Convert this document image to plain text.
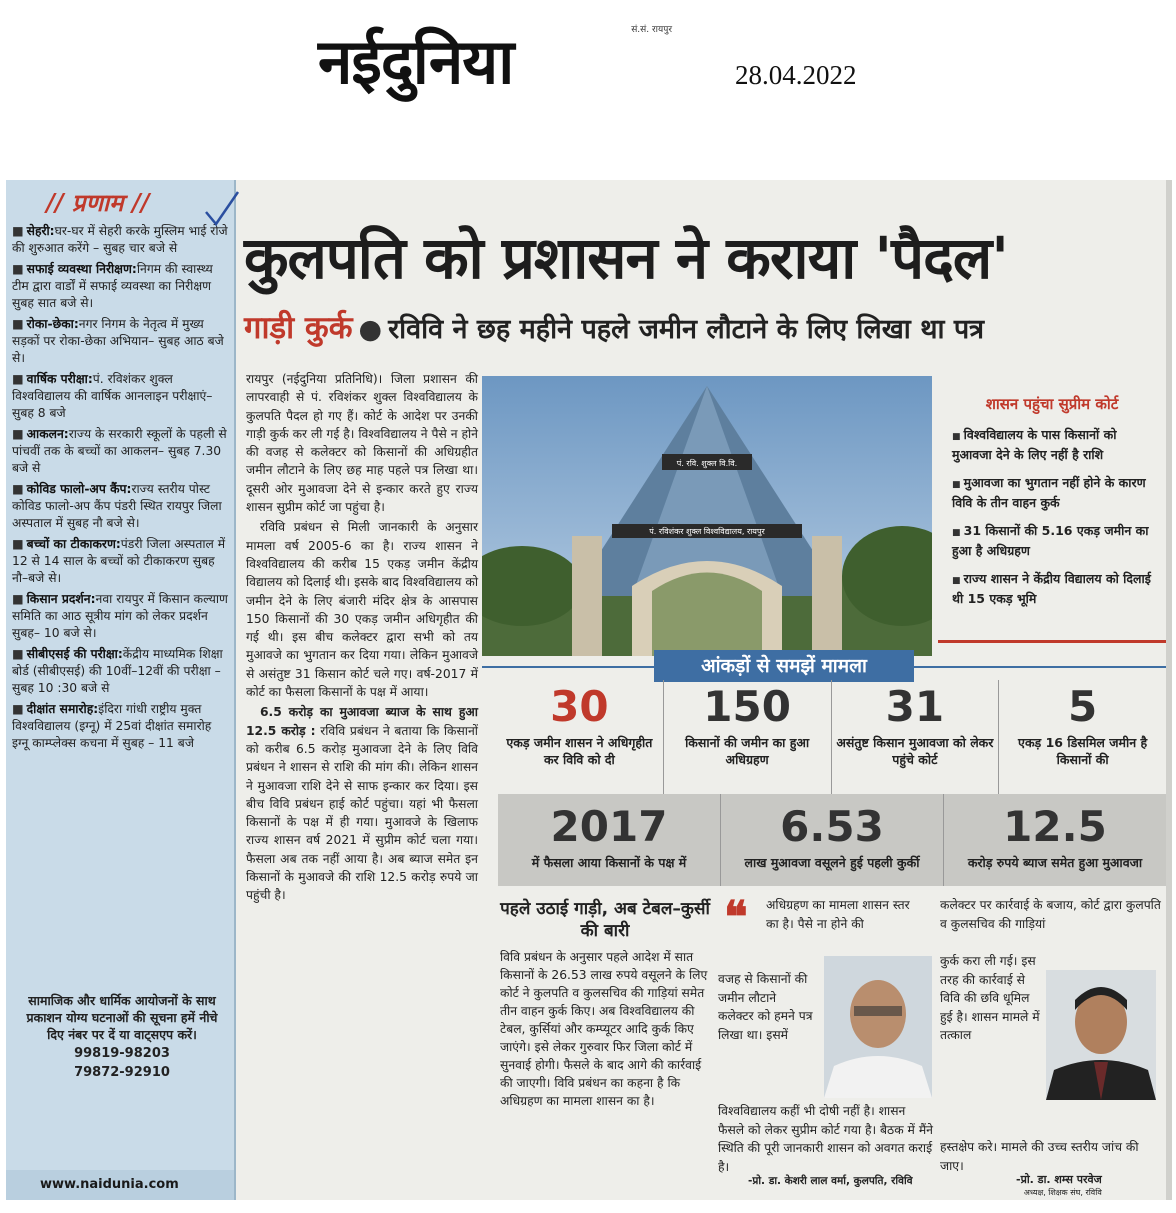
नईदुनिया	सं.सं. रायपुर
28.04.2022
// प्रणाम //
■ सेहरी:घर-घर में सेहरी करके मुस्लिम भाई रोजे की शुरुआत करेंगे – सुबह चार बजे से
■ सफाई व्यवस्था निरीक्षण:निगम की स्वास्थ्य टीम द्वारा वार्डों में सफाई व्यवस्था का निरीक्षण सुबह सात बजे से।
■ रोका-छेका:नगर निगम के नेतृत्व में मुख्य सड़कों पर रोका-छेका अभियान– सुबह आठ बजे से।
■ वार्षिक परीक्षा:पं. रविशंकर शुक्ल विश्वविद्यालय की वार्षिक आनलाइन परीक्षाएं– सुबह 8 बजे
■ आकलन:राज्य के सरकारी स्कूलों के पहली से पांचवीं तक के बच्चों का आकलन– सुबह 7.30 बजे से
■ कोविड फालो-अप कैंप:राज्य स्तरीय पोस्ट कोविड फालो-अप कैंप पंडरी स्थित रायपुर जिला अस्पताल में सुबह नौ बजे से।
■ बच्चों का टीकाकरण:पंडरी जिला अस्पताल में 12 से 14 साल के बच्चों को टीकाकरण सुबह नौ–बजे से।
■ किसान प्रदर्शन:नवा रायपुर में किसान कल्याण समिति का आठ सूत्रीय मांग को लेकर प्रदर्शन सुबह– 10 बजे से।
■ सीबीएसई की परीक्षा:केंद्रीय माध्यमिक शिक्षा बोर्ड (सीबीएसई) की 10वीं–12वीं की परीक्षा – सुबह 10 :30 बजे से
■ दीक्षांत समारोह:इंदिरा गांधी राष्ट्रीय मुक्त विश्वविद्यालय (इग्नू) में 25वां दीक्षांत समारोह इग्नू काम्प्लेक्स कचना में सुबह – 11 बजे
सामाजिक और धार्मिक आयोजनों के साथ प्रकाशन योग्य घटनाओं की सूचना हमें नीचे दिए नंबर पर दें या वाट्सएप करें।
99819-98203
79872-92910
www.naidunia.com
कुलपति को प्रशासन ने कराया 'पैदल'
गाड़ी कुर्क ● रविवि ने छह महीने पहले जमीन लौटाने के लिए लिखा था पत्र

रायपुर (नईदुनिया प्रतिनिधि)। जिला प्रशासन की लापरवाही से पं. रविशंकर शुक्ल विश्वविद्यालय के कुलपति पैदल हो गए हैं। कोर्ट के आदेश पर उनकी गाड़ी कुर्क कर ली गई है। विश्वविद्यालय ने पैसे न होने की वजह से कलेक्टर को किसानों की अधिग्रहीत जमीन लौटाने के लिए छह माह पहले पत्र लिखा था। दूसरी ओर मुआवजा देने से इन्कार करते हुए राज्य शासन सुप्रीम कोर्ट जा पहुंचा है।

रविवि प्रबंधन से मिली जानकारी के अनुसार मामला वर्ष 2005-6 का है। राज्य शासन ने विश्वविद्यालय की करीब 15 एकड़ जमीन केंद्रीय विद्यालय को दिलाई थी। इसके बाद विश्वविद्यालय को जमीन देने के लिए बंजारी मंदिर क्षेत्र के आसपास 150 किसानों की 30 एकड़ जमीन अधिगृहीत की गई थी। इस बीच कलेक्टर द्वारा सभी को तय मुआवजे का भुगतान कर दिया गया। लेकिन मुआवजे से असंतुष्ट 31 किसान कोर्ट चले गए। वर्ष-2017 में कोर्ट का फैसला किसानों के पक्ष में आया।

6.5 करोड़ का मुआवजा ब्याज के साथ हुआ 12.5 करोड़ : रविवि प्रबंधन ने बताया कि किसानों को करीब 6.5 करोड़ मुआवजा देने के लिए विवि प्रबंधन ने शासन से राशि की मांग की। लेकिन शासन ने मुआवजा राशि देने से साफ इन्कार कर दिया। इस बीच विवि प्रबंधन हाई कोर्ट पहुंचा। यहां भी फैसला किसानों के पक्ष में ही गया। मुआवजे के खिलाफ राज्य शासन वर्ष 2021 में सुप्रीम कोर्ट चला गया। फैसला अब तक नहीं आया है। अब ब्याज समेत इन किसानों के मुआवजे की राशि 12.5 करोड़ रुपये जा पहुंची है।

पं. रवि. शुक्ल वि.वि.
पं. रविशंकर शुक्ल विश्वविद्यालय, रायपुर
शासन पहुंचा सुप्रीम कोर्ट
■ विश्वविद्यालय के पास किसानों को मुआवजा देने के लिए नहीं है राशि
■ मुआवजा का भुगतान नहीं होने के कारण विवि के तीन वाहन कुर्क
■ 31 किसानों की 5.16 एकड़ जमीन का हुआ है अधिग्रहण
■ राज्य शासन ने केंद्रीय विद्यालय को दिलाई थी 15 एकड़ भूमि
आंकड़ों से समझें मामला
30
एकड़ जमीन शासन ने अधिगृहीत कर विवि को दी
150
किसानों की जमीन का हुआ अधिग्रहण
31
असंतुष्ट किसान मुआवजा को लेकर पहुंचे कोर्ट
5
एकड़ 16 डिसमिल जमीन है किसानों की
2017
में फैसला आया किसानों के पक्ष में
6.53
लाख मुआवजा वसूलने हुई पहली कुर्की
12.5
करोड़ रुपये ब्याज समेत हुआ मुआवजा
पहले उठाई गाड़ी, अब टेबल–कुर्सी की बारी
विवि प्रबंधन के अनुसार पहले आदेश में सात किसानों के 26.53 लाख रुपये वसूलने के लिए कोर्ट ने कुलपति व कुलसचिव की गाड़ियां समेत तीन वाहन कुर्क किए। अब विश्वविद्यालय की टेबल, कुर्सियां और कम्प्यूटर आदि कुर्क किए जाएंगे। इसे लेकर गुरुवार फिर जिला कोर्ट में सुनवाई होगी। फैसले के बाद आगे की कार्रवाई की जाएगी। विवि प्रबंधन का कहना है कि अधिग्रहण का मामला शासन का है।
❝ अधिग्रहण का मामला शासन स्तर का है। पैसे ना होने की
वजह से किसानों की जमीन लौटाने कलेक्टर को हमने पत्र लिखा था। इसमें
विश्वविद्यालय कहीं भी दोषी नहीं है। शासन फैसले को लेकर सुप्रीम कोर्ट गया है। बैठक में मैंने स्थिति की पूरी जानकारी शासन को अवगत कराई है।
-प्रो. डा. केशरी लाल वर्मा, कुलपति, रविवि
कलेक्टर पर कार्रवाई के बजाय, कोर्ट द्वारा कुलपति व कुलसचिव की गाड़ियां
कुर्क करा ली गई। इस तरह की कार्रवाई से विवि की छवि धूमिल हुई है। शासन मामले में तत्काल
हस्तक्षेप करे। मामले की उच्च स्तरीय जांच की जाए।
-प्रो. डा. शम्स परवेज
अध्यक्ष, शिक्षक संघ, रविवि
